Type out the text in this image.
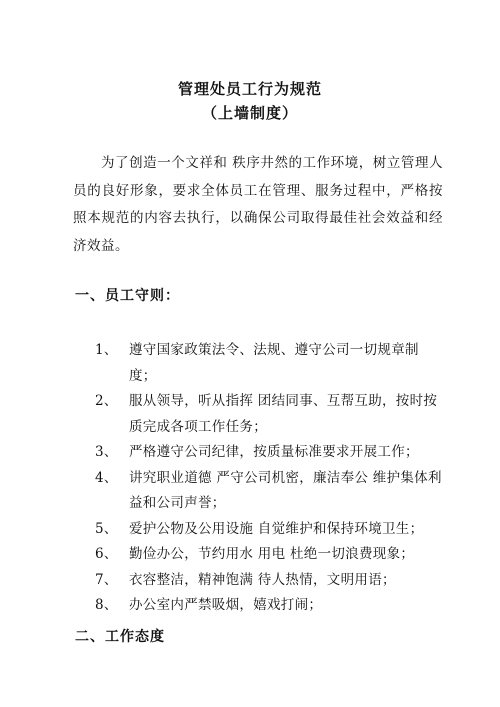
管理处员工行为规范
（上墙制度）
为了创造一个文祥和 秩序井然的工作环境，树立管理人员的良好形象，要求全体员工在管理、服务过程中，严格按照本规范的内容去执行，以确保公司取得最佳社会效益和经济效益。
一、员工守则：
1、 遵守国家政策法令、法规、遵守公司一切规章制度；
2、 服从领导，听从指挥 团结同事、互帮互助，按时按质完成各项工作任务；
3、 严格遵守公司纪律，按质量标准要求开展工作；
4、 讲究职业道德 严守公司机密，廉洁奉公 维护集体利益和公司声誉；
5、 爱护公物及公用设施 自觉维护和保持环境卫生；
6、 勤俭办公，节约用水 用电 杜绝一切浪费现象；
7、 衣容整洁，精神饱满 待人热情，文明用语；
8、 办公室内严禁吸烟，嬉戏打闹；
二、工作态度
